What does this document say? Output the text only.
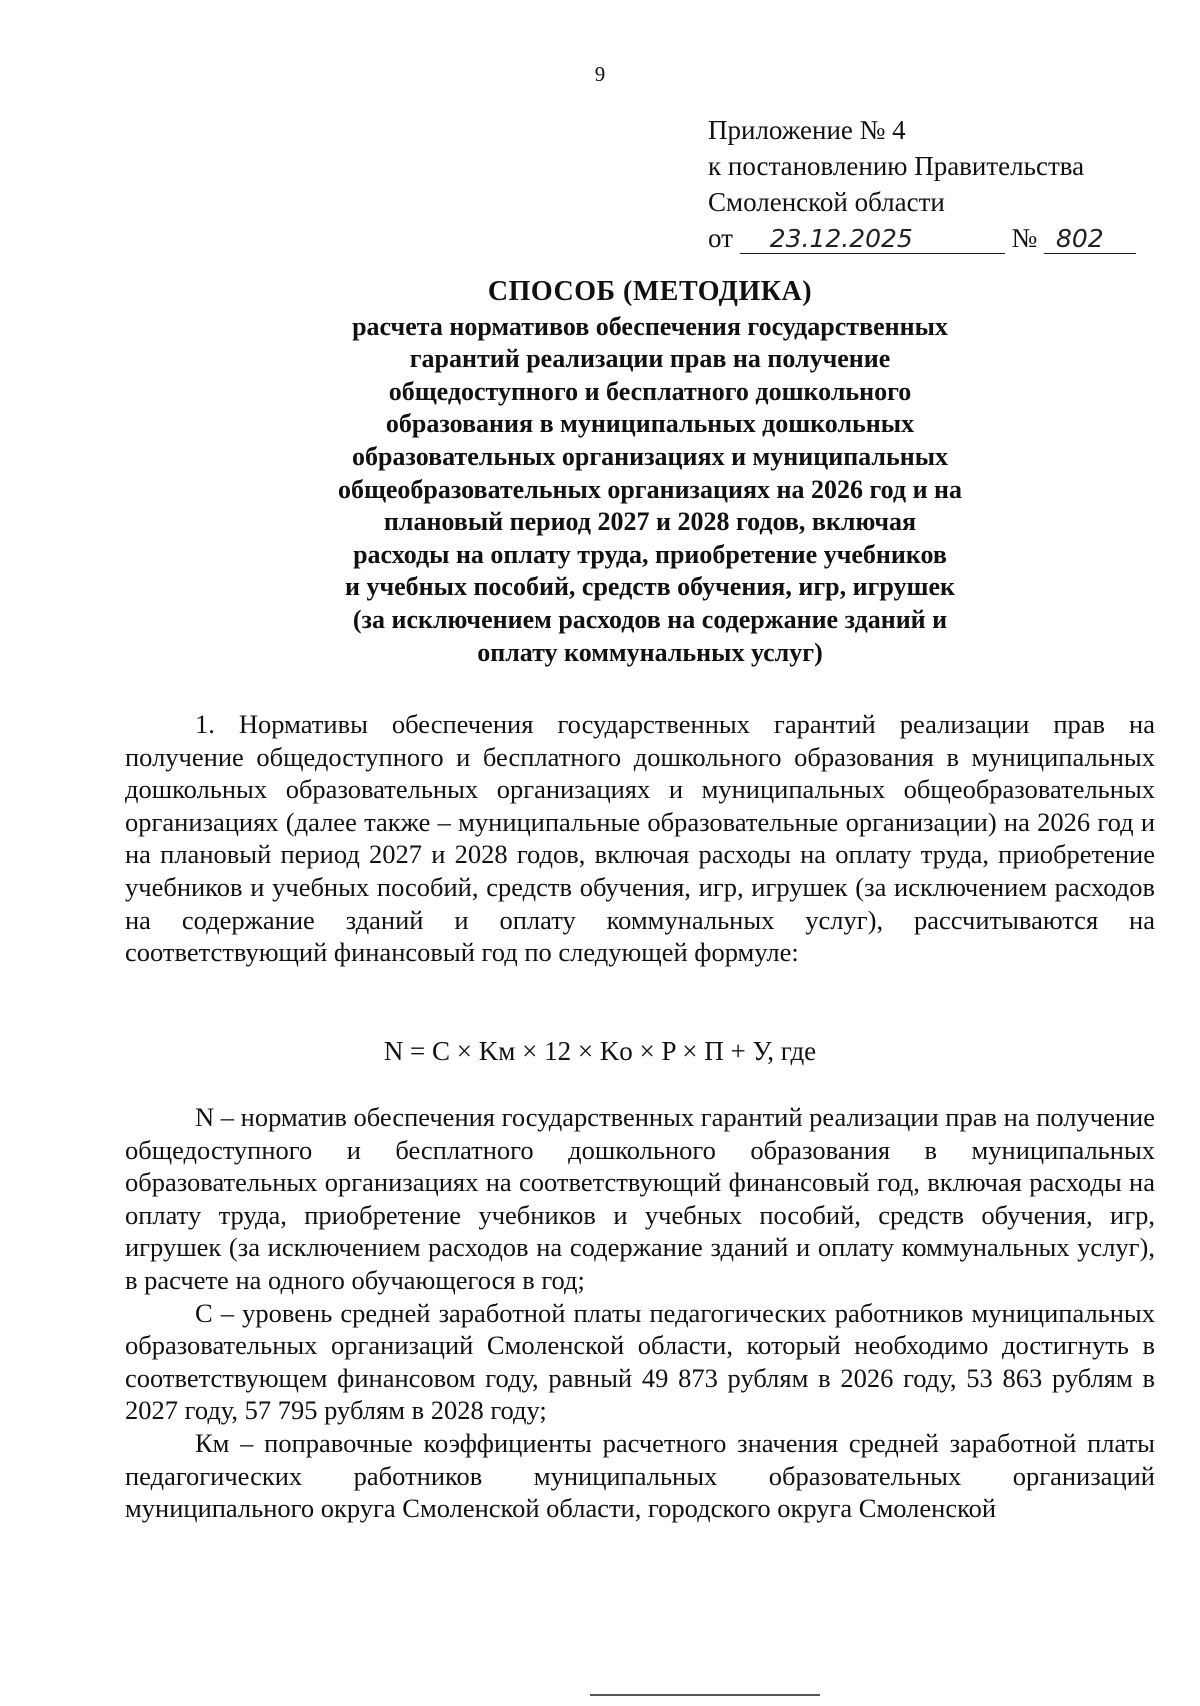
9
Приложение № 4
к постановлению Правительства
Смоленской области
от 23.12.2025	№ 802
СПОСОБ (МЕТОДИКА)
расчета нормативов обеспечения государственных
гарантий реализации прав на получение
общедоступного и бесплатного дошкольного
образования в муниципальных дошкольных
образовательных организациях и муниципальных
общеобразовательных организациях на 2026 год и на
плановый период 2027 и 2028 годов, включая
расходы на оплату труда, приобретение учебников
и учебных пособий, средств обучения, игр, игрушек
(за исключением расходов на содержание зданий и
оплату коммунальных услуг)

1. Нормативы обеспечения государственных гарантий реализации прав на получение общедоступного и бесплатного дошкольного образования в муниципальных дошкольных образовательных организациях и муниципальных общеобразовательных организациях (далее также – муниципальные образовательные организации) на 2026 год и на плановый период 2027 и 2028 годов, включая расходы на оплату труда, приобретение учебников и учебных пособий, средств обучения, игр, игрушек (за исключением расходов на содержание зданий и оплату коммунальных услуг), рассчитываются на соответствующий финансовый год по следующей формуле:

N = C × Kм × 12 × Kо × P × П + У, где

N – норматив обеспечения государственных гарантий реализации прав на получение общедоступного и бесплатного дошкольного образования в муниципальных образовательных организациях на соответствующий финансовый год, включая расходы на оплату труда, приобретение учебников и учебных пособий, средств обучения, игр, игрушек (за исключением расходов на содержание зданий и оплату коммунальных услуг), в расчете на одного обучающегося в год;

С – уровень средней заработной платы педагогических работников муниципальных образовательных организаций Смоленской области, который необходимо достигнуть в соответствующем финансовом году, равный 49 873 рублям в 2026 году, 53 863 рублям в 2027 году, 57 795 рублям в 2028 году;

Км – поправочные коэффициенты расчетного значения средней заработной платы педагогических работников муниципальных образовательных организаций муниципального округа Смоленской области, городского округа Смоленской
